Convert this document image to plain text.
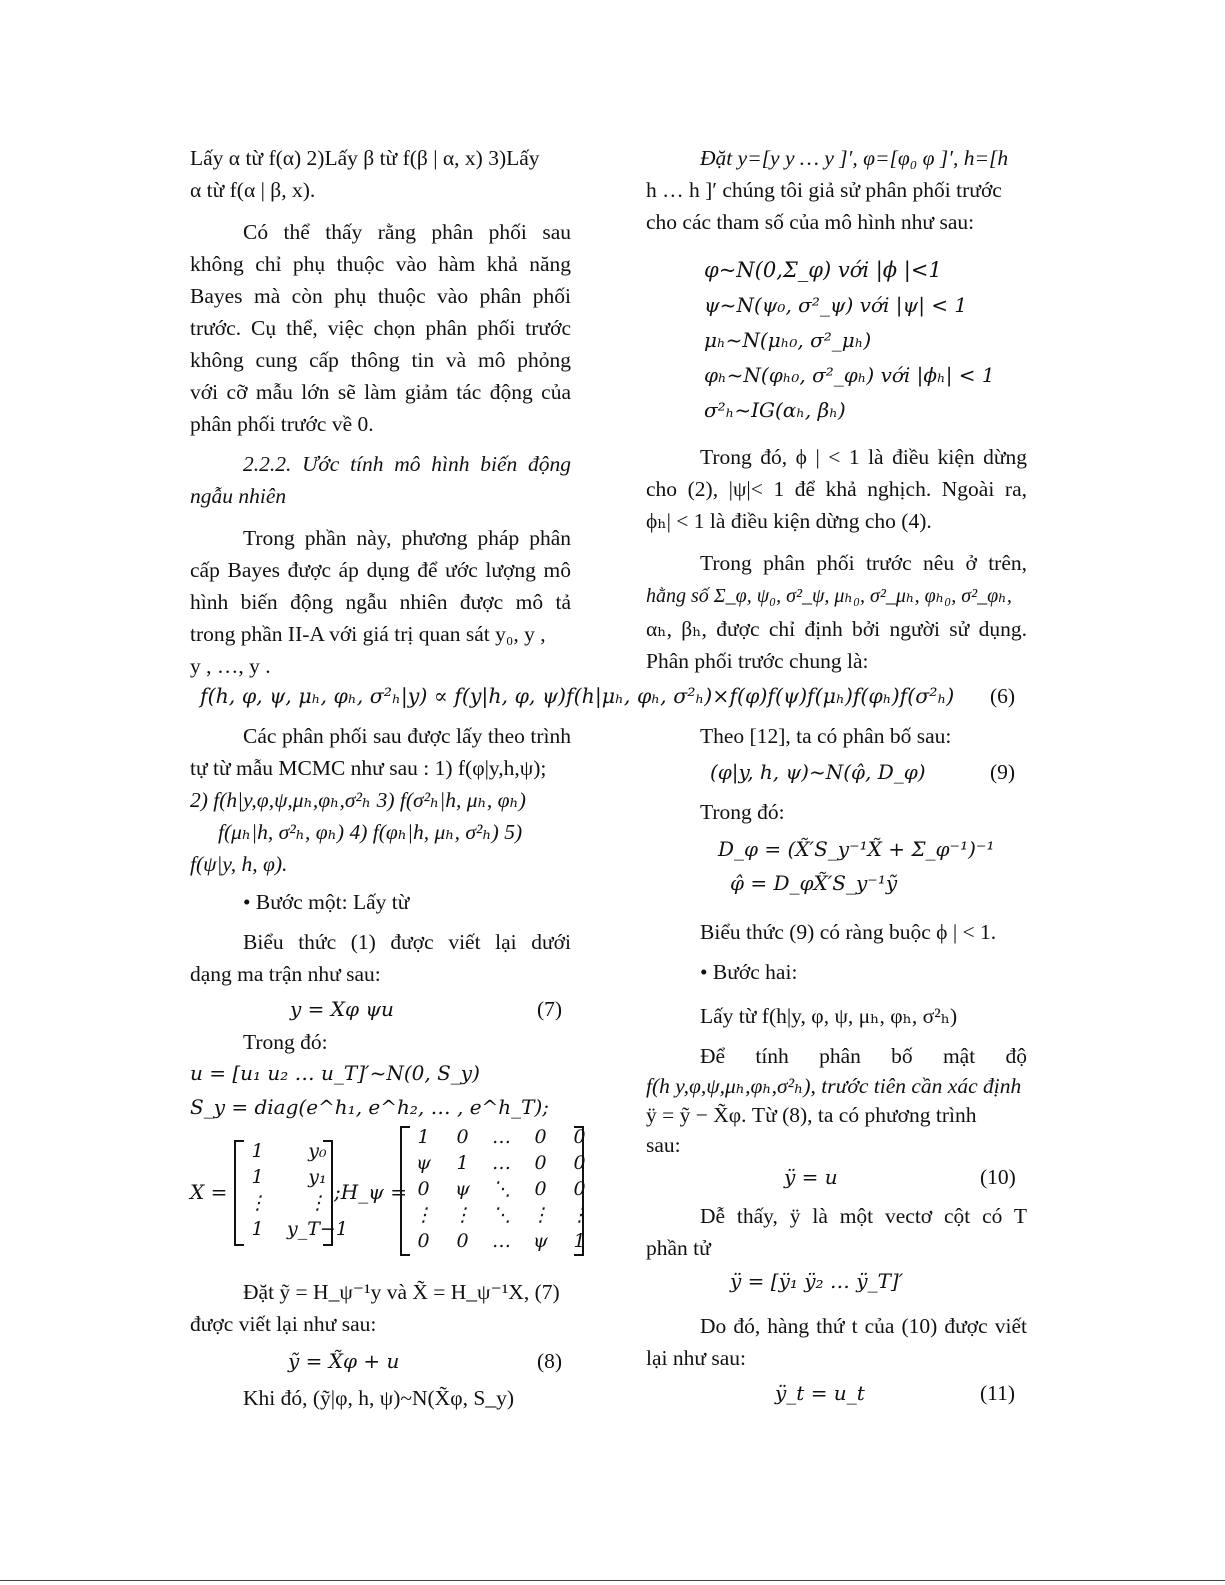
Lấy α từ f(α) 2)Lấy β từ f(β | α, x) 3)Lấy
α từ f(α | β, x).
Có thể thấy rằng phân phối sau
không chỉ phụ thuộc vào hàm khả năng
Bayes mà còn phụ thuộc vào phân phối
trước. Cụ thể, việc chọn phân phối trước
không cung cấp thông tin và mô phỏng
với cỡ mẫu lớn sẽ làm giảm tác động của
phân phối trước về 0.
2.2.2. Ước tính mô hình biến động
ngẫu nhiên
Trong phần này, phương pháp phân
cấp Bayes được áp dụng để ước lượng mô
hình biến động ngẫu nhiên được mô tả
trong phần II-A với giá trị quan sát y₀, y ,
y , …, y .
f(h, φ, ψ, μₕ, φₕ, σ²ₕ|y) ∝ f(y|h, φ, ψ)f(h|μₕ, φₕ, σ²ₕ)×f(φ)f(ψ)f(μₕ)f(φₕ)f(σ²ₕ) (6)
Các phân phối sau được lấy theo trình
tự từ mẫu MCMC như sau : 1) f(φ|y,h,ψ);
2) f(h|y,φ,ψ,μₕ,φₕ,σ²ₕ 3) f(σ²ₕ|h, μₕ, φₕ)
f(μₕ|h, σ²ₕ, φₕ) 4) f(φₕ|h, μₕ, σ²ₕ) 5)
f(ψ|y, h, φ).
• Bước một: Lấy từ
Biểu thức (1) được viết lại dưới
dạng ma trận như sau:
y = Xφ ψu	(7)
Trong đó:
u = [u₁ u₂ … u_T]′~N(0, S_y)
S_y = diag(e^h₁, e^h₂, … , e^h_T);
X =
1	y₀
1	y₁
⋮	⋮
1	y_T−1
;H_ψ =
1	0	…	0	0
ψ	1	…	0	0
0	ψ	⋱	0	0
⋮	⋮	⋱	⋮	⋮
0	0	…	ψ	1
Đặt ỹ = H_ψ⁻¹y và X̃ = H_ψ⁻¹X, (7)
được viết lại như sau:
ỹ = X̃φ + u	(8)
Khi đó, (ỹ|φ, h, ψ)~N(X̃φ, S_y)
Đặt y=[y y … y ]′, φ=[φ₀ φ ]′, h=[h
h … h ]′ chúng tôi giả sử phân phối trước
cho các tham số của mô hình như sau:
φ~N(0,Σ_φ) với |ϕ |<1
ψ~N(ψ₀, σ²_ψ) với |ψ| < 1
μₕ~N(μₕ₀, σ²_μₕ)
φₕ~N(φₕ₀, σ²_φₕ) với |ϕₕ| < 1
σ²ₕ~IG(αₕ, βₕ)
Trong đó, ϕ | < 1 là điều kiện dừng
cho (2), |ψ|< 1 để khả nghịch. Ngoài ra,
ϕₕ| < 1 là điều kiện dừng cho (4).
Trong phân phối trước nêu ở trên,
hằng số Σ_φ, ψ₀, σ²_ψ, μₕ₀, σ²_μₕ, φₕ₀, σ²_φₕ,
αₕ, βₕ, được chỉ định bởi người sử dụng.
Phân phối trước chung là:
Theo [12], ta có phân bố sau:
(φ|y, h, ψ)~N(φ̂, D_φ)	(9)
Trong đó:
D_φ = (X̃′S_y⁻¹X̃ + Σ_φ⁻¹)⁻¹
φ̂ = D_φX̃′S_y⁻¹ỹ
Biểu thức (9) có ràng buộc ϕ | < 1.
• Bước hai:
Lấy từ f(h|y, φ, ψ, μₕ, φₕ, σ²ₕ)
Để tính phân bố mật độ
f(h y,φ,ψ,μₕ,φₕ,σ²ₕ), trước tiên cần xác định
ÿ = ỹ − X̃φ. Từ (8), ta có phương trình
sau:
ÿ = u	(10)
Dễ thấy, ÿ là một vectơ cột có T
phần tử
ÿ = [ÿ₁ ÿ₂ … ÿ_T]′
Do đó, hàng thứ t của (10) được viết
lại như sau:
ÿ_t = u_t	(11)
